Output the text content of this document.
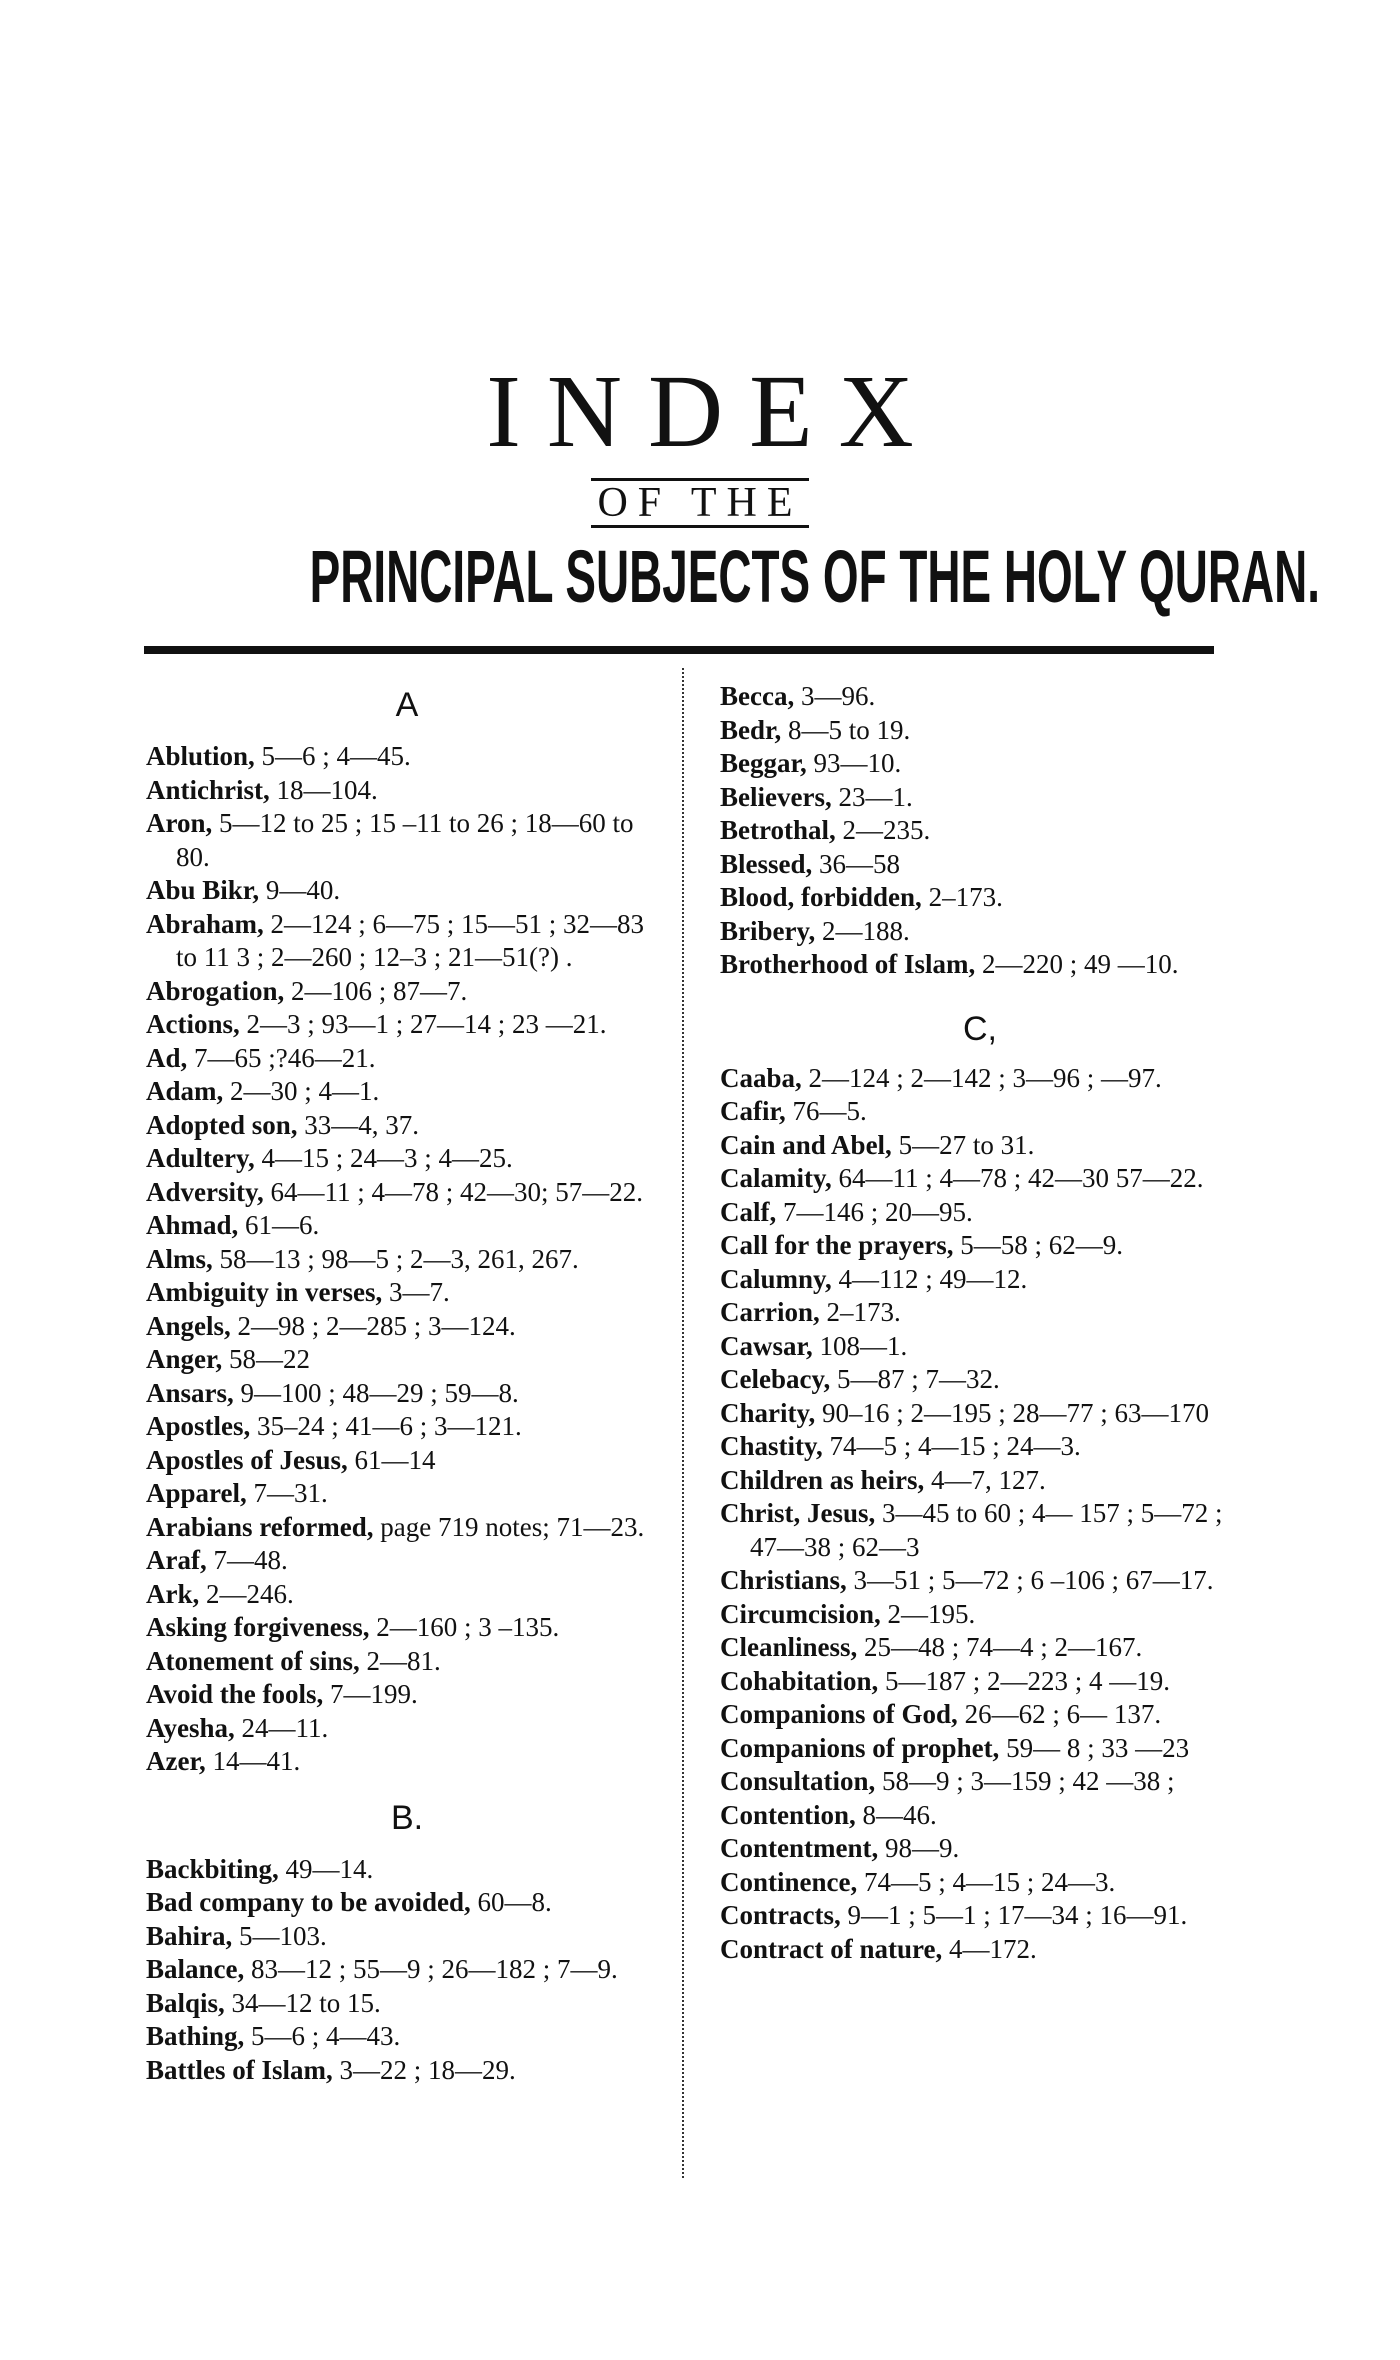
INDEX
OF THE
PRINCIPAL SUBJECTS OF THE HOLY QURAN.
A
Ablution, 5—6 ; 4—45.
Antichrist, 18—104.
Aron, 5—12 to 25 ; 15 –11 to 26 ; 18—60 to 80.
Abu Bikr, 9—40.
Abraham, 2—124 ; 6—75 ; 15—51 ; 32—83 to 11 3 ; 2—260 ; 12–3 ; 21—51(?) .
Abrogation, 2—106 ; 87—7.
Actions, 2—3 ; 93—1 ; 27—14 ; 23 —21.
Ad, 7—65 ;?46—21.
Adam, 2—30 ; 4—1.
Adopted son, 33—4, 37.
Adultery, 4—15 ; 24—3 ; 4—25.
Adversity, 64—11 ; 4—78 ; 42—30; 57—22.
Ahmad, 61—6.
Alms, 58—13 ; 98—5 ; 2—3, 261, 267.
Ambiguity in verses, 3—7.
Angels, 2—98 ; 2—285 ; 3—124.
Anger, 58—22
Ansars, 9—100 ; 48—29 ; 59—8.
Apostles, 35–24 ; 41—6 ; 3—121.
Apostles of Jesus, 61—14
Apparel, 7—31.
Arabians reformed, page 719 notes; 71—23.
Araf, 7—48.
Ark, 2—246.
Asking forgiveness, 2—160 ; 3 –135.
Atonement of sins, 2—81.
Avoid the fools, 7—199.
Ayesha, 24—11.
Azer, 14—41.
B.
Backbiting, 49—14.
Bad company to be avoided, 60—8.
Bahira, 5—103.
Balance, 83—12 ; 55—9 ; 26—182 ; 7—9.
Balqis, 34—12 to 15.
Bathing, 5—6 ; 4—43.
Battles of Islam, 3—22 ; 18—29.
Becca, 3—96.
Bedr, 8—5 to 19.
Beggar, 93—10.
Believers, 23—1.
Betrothal, 2—235.
Blessed, 36—58
Blood, forbidden, 2–173.
Bribery, 2—188.
Brotherhood of Islam, 2—220 ; 49 —10.
C,
Caaba, 2—124 ; 2—142 ; 3—96 ; —97.
Cafir, 76—5.
Cain and Abel, 5—27 to 31.
Calamity, 64—11 ; 4—78 ; 42—30 57—22.
Calf, 7—146 ; 20—95.
Call for the prayers, 5—58 ; 62—9.
Calumny, 4—112 ; 49—12.
Carrion, 2–173.
Cawsar, 108—1.
Celebacy, 5—87 ; 7—32.
Charity, 90–16 ; 2—195 ; 28—77 ; 63—170
Chastity, 74—5 ; 4—15 ; 24—3.
Children as heirs, 4—7, 127.
Christ, Jesus, 3—45 to 60 ; 4— 157 ; 5—72 ; 47—38 ; 62—3
Christians, 3—51 ; 5—72 ; 6 –106 ; 67—17.
Circumcision, 2—195.
Cleanliness, 25—48 ; 74—4 ; 2—167.
Cohabitation, 5—187 ; 2—223 ; 4 —19.
Companions of God, 26—62 ; 6— 137.
Companions of prophet, 59— 8 ; 33 —23
Consultation, 58—9 ; 3—159 ; 42 —38 ;
Contention, 8—46.
Contentment, 98—9.
Continence, 74—5 ; 4—15 ; 24—3.
Contracts, 9—1 ; 5—1 ; 17—34 ; 16—91.
Contract of nature, 4—172.
